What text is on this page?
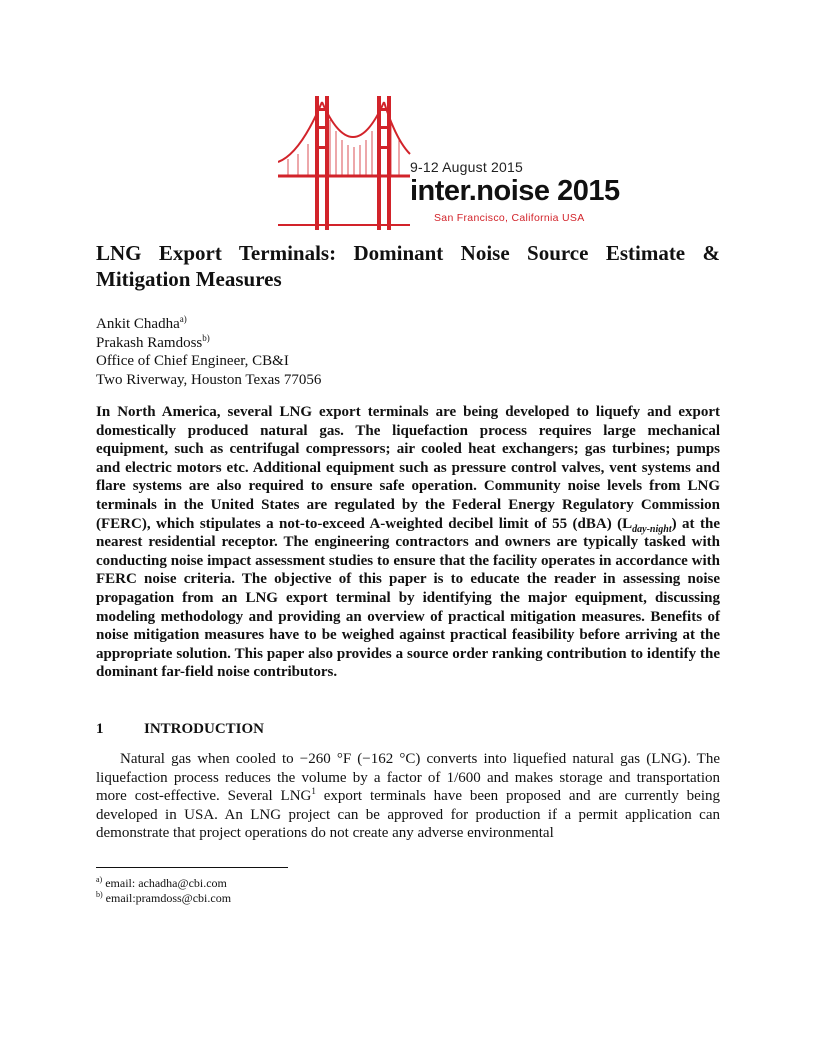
9-12 August 2015
inter.noise 2015
San Francisco, California USA
LNG Export Terminals: Dominant Noise Source Estimate & Mitigation Measures
Ankit Chadha$^{a)}$
Prakash Ramdoss$^{b)}$
Office of Chief Engineer, CB&I
Two Riverway, Houston Texas 77056

In North America, several LNG export terminals are being developed to liquefy and export domestically produced natural gas. The liquefaction process requires large mechanical equipment, such as centrifugal compressors; air cooled heat exchangers; gas turbines; pumps and electric motors etc. Additional equipment such as pressure control valves, vent systems and flare systems are also required to ensure safe operation. Community noise levels from LNG terminals in the United States are regulated by the Federal Energy Regulatory Commission (FERC), which stipulates a not-to-exceed A-weighted decibel limit of 55 (dBA) $(L_{day-night})$ at the nearest residential receptor. The engineering contractors and owners are typically tasked with conducting noise impact assessment studies to ensure that the facility operates in accordance with FERC noise criteria. The objective of this paper is to educate the reader in assessing noise propagation from an LNG export terminal by identifying the major equipment, discussing modeling methodology and providing an overview of practical mitigation measures. Benefits of noise mitigation measures have to be weighed against practical feasibility before arriving at the appropriate solution. This paper also provides a source order ranking contribution to identify the dominant far-field noise contributors.

1	INTRODUCTION

Natural gas when cooled to −260 °F (−162 °C) converts into liquefied natural gas (LNG). The liquefaction process reduces the volume by a factor of 1/600 and makes storage and transportation more cost-effective. Several LNG$^1$ export terminals have been proposed and are currently being developed in USA. An LNG project can be approved for production if a permit application can demonstrate that project operations do not create any adverse environmental

$^{a)}$ email: achadha@cbi.com
$^{b)}$ email:pramdoss@cbi.com
